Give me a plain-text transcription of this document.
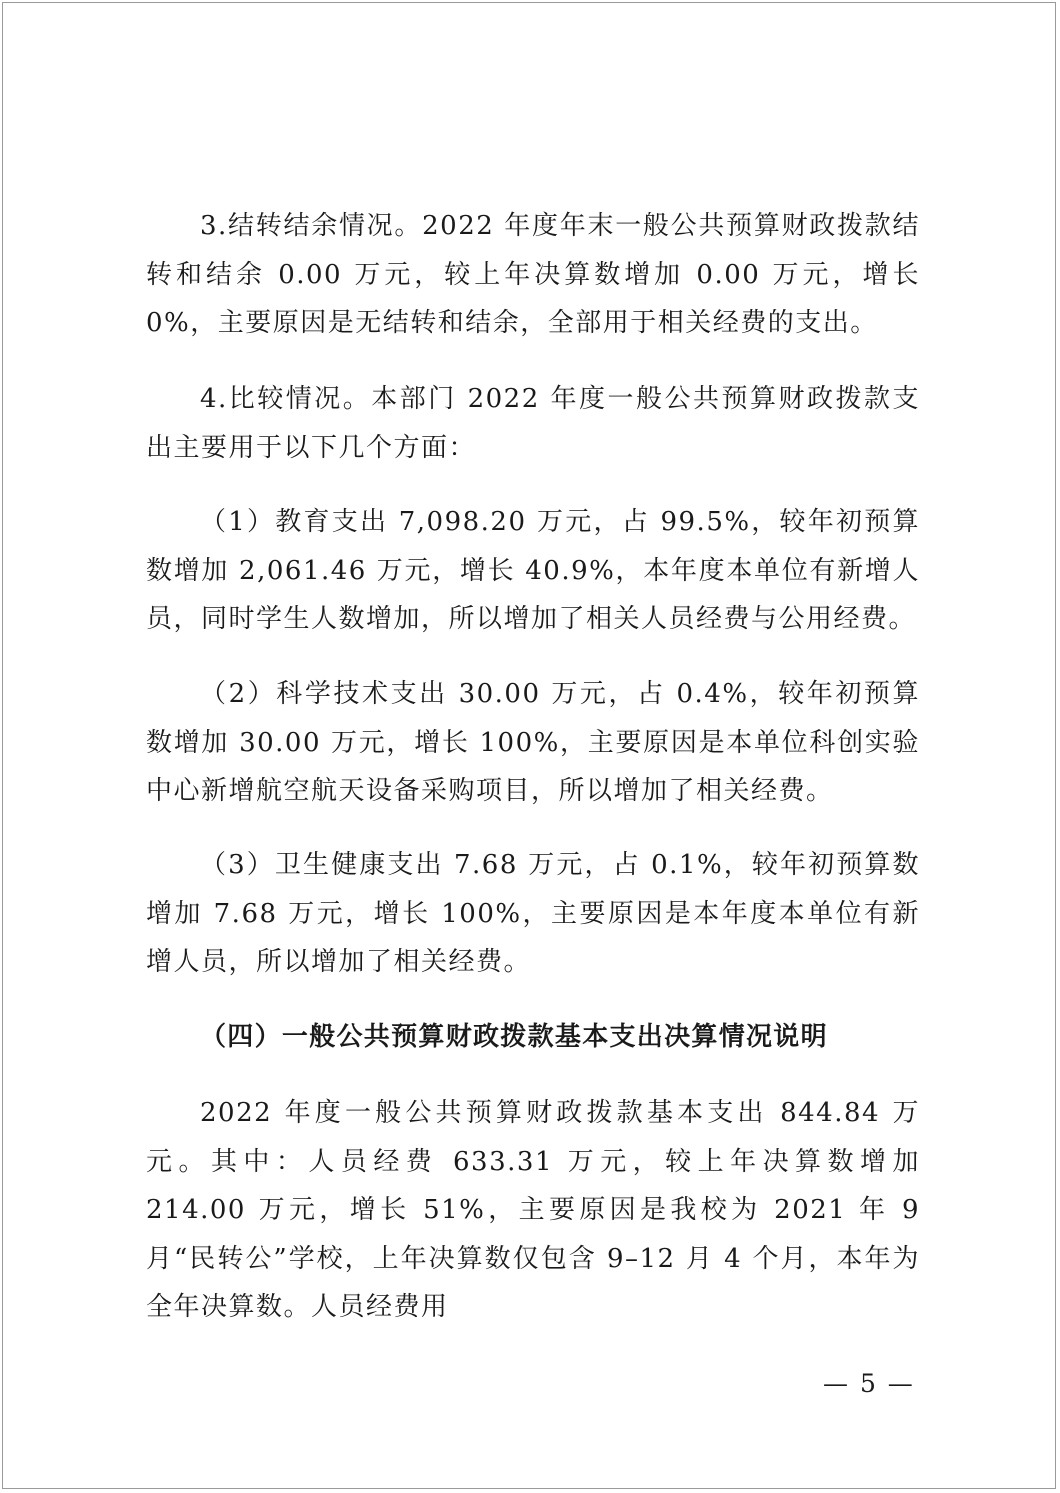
3.结转结余情况。2022 年度年末一般公共预算财政拨款结转和结余 0.00 万元，较上年决算数增加 0.00 万元，增长 0%，主要原因是无结转和结余，全部用于相关经费的支出。

4.比较情况。本部门 2022 年度一般公共预算财政拨款支出主要用于以下几个方面：

（1）教育支出 7,098.20 万元，占 99.5%，较年初预算数增加 2,061.46 万元，增长 40.9%，本年度本单位有新增人员，同时学生人数增加，所以增加了相关人员经费与公用经费。

（2）科学技术支出 30.00 万元，占 0.4%，较年初预算数增加 30.00 万元，增长 100%，主要原因是本单位科创实验中心新增航空航天设备采购项目，所以增加了相关经费。

（3）卫生健康支出 7.68 万元，占 0.1%，较年初预算数增加 7.68 万元，增长 100%，主要原因是本年度本单位有新增人员，所以增加了相关经费。

（四）一般公共预算财政拨款基本支出决算情况说明

2022 年度一般公共预算财政拨款基本支出 844.84 万元。其中：人员经费 633.31 万元，较上年决算数增加 214.00 万元，增长 51%，主要原因是我校为 2021 年 9 月“民转公”学校，上年决算数仅包含 9–12 月 4 个月，本年为全年决算数。人员经费用

— 5 —
